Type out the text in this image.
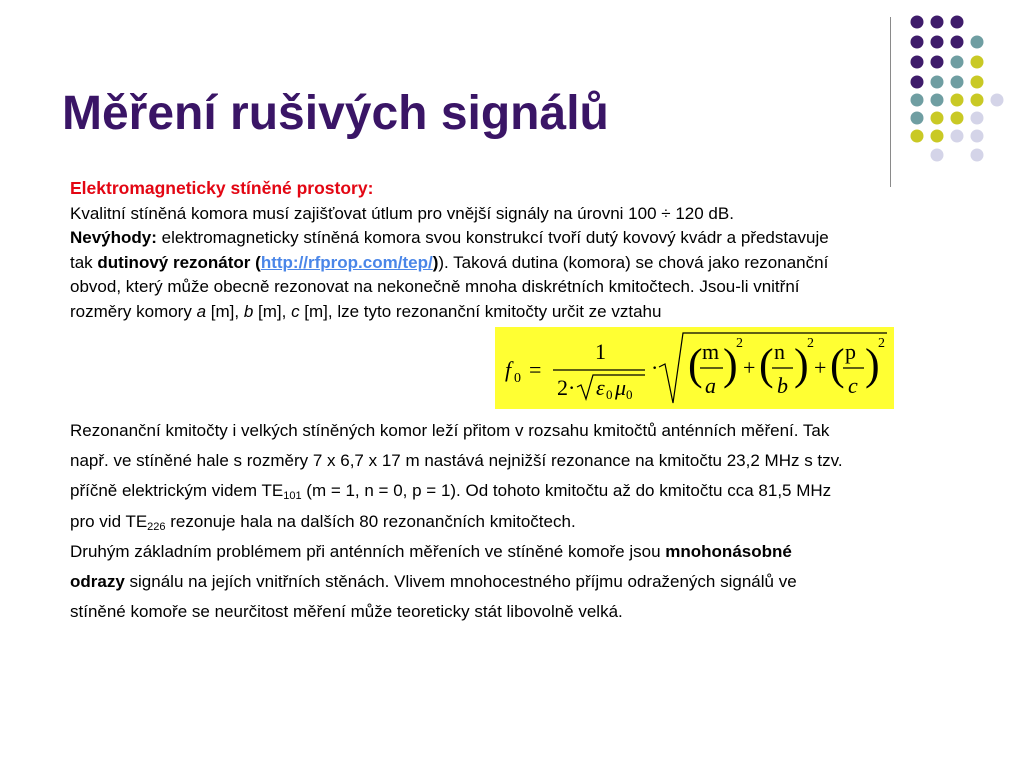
Měření rušivých signálů
Elektromagneticky stíněné prostory:
Kvalitní stíněná komora musí zajišťovat útlum pro vnější signály na úrovni 100 ÷ 120 dB.
Nevýhody: elektromagneticky stíněná komora svou konstrukcí tvoří dutý kovový kvádr a představuje
tak dutinový rezonátor (http://rfprop.com/tep/)). Taková dutina (komora) se chová jako rezonanční
obvod, který může obecně rezonovat na nekonečně mnoha diskrétních kmitočtech. Jsou-li vnitřní
rozměry komory a [m], b [m], c [m], lze tyto rezonanční kmitočty určit ze vztahu
f 0 =
1
2· ε 0 μ 0
· ( m
a )
2
+ ( n
b )
2
+ ( p
c )
2
Rezonanční kmitočty i velkých stíněných komor leží přitom v rozsahu kmitočtů anténních měření. Tak
např. ve stíněné hale s rozměry 7 x 6,7 x 17 m nastává nejnižší rezonance na kmitočtu 23,2 MHz s tzv.
příčně elektrickým videm $TE_{101}$ (m = 1, n = 0, p = 1). Od tohoto kmitočtu až do kmitočtu cca 81,5 MHz
pro vid $TE_{226}$ rezonuje hala na dalších 80 rezonančních kmitočtech.
Druhým základním problémem při anténních měřeních ve stíněné komoře jsou mnohonásobné
odrazy signálu na jejích vnitřních stěnách. Vlivem mnohocestného příjmu odražených signálů ve
stíněné komoře se neurčitost měření může teoreticky stát libovolně velká.
